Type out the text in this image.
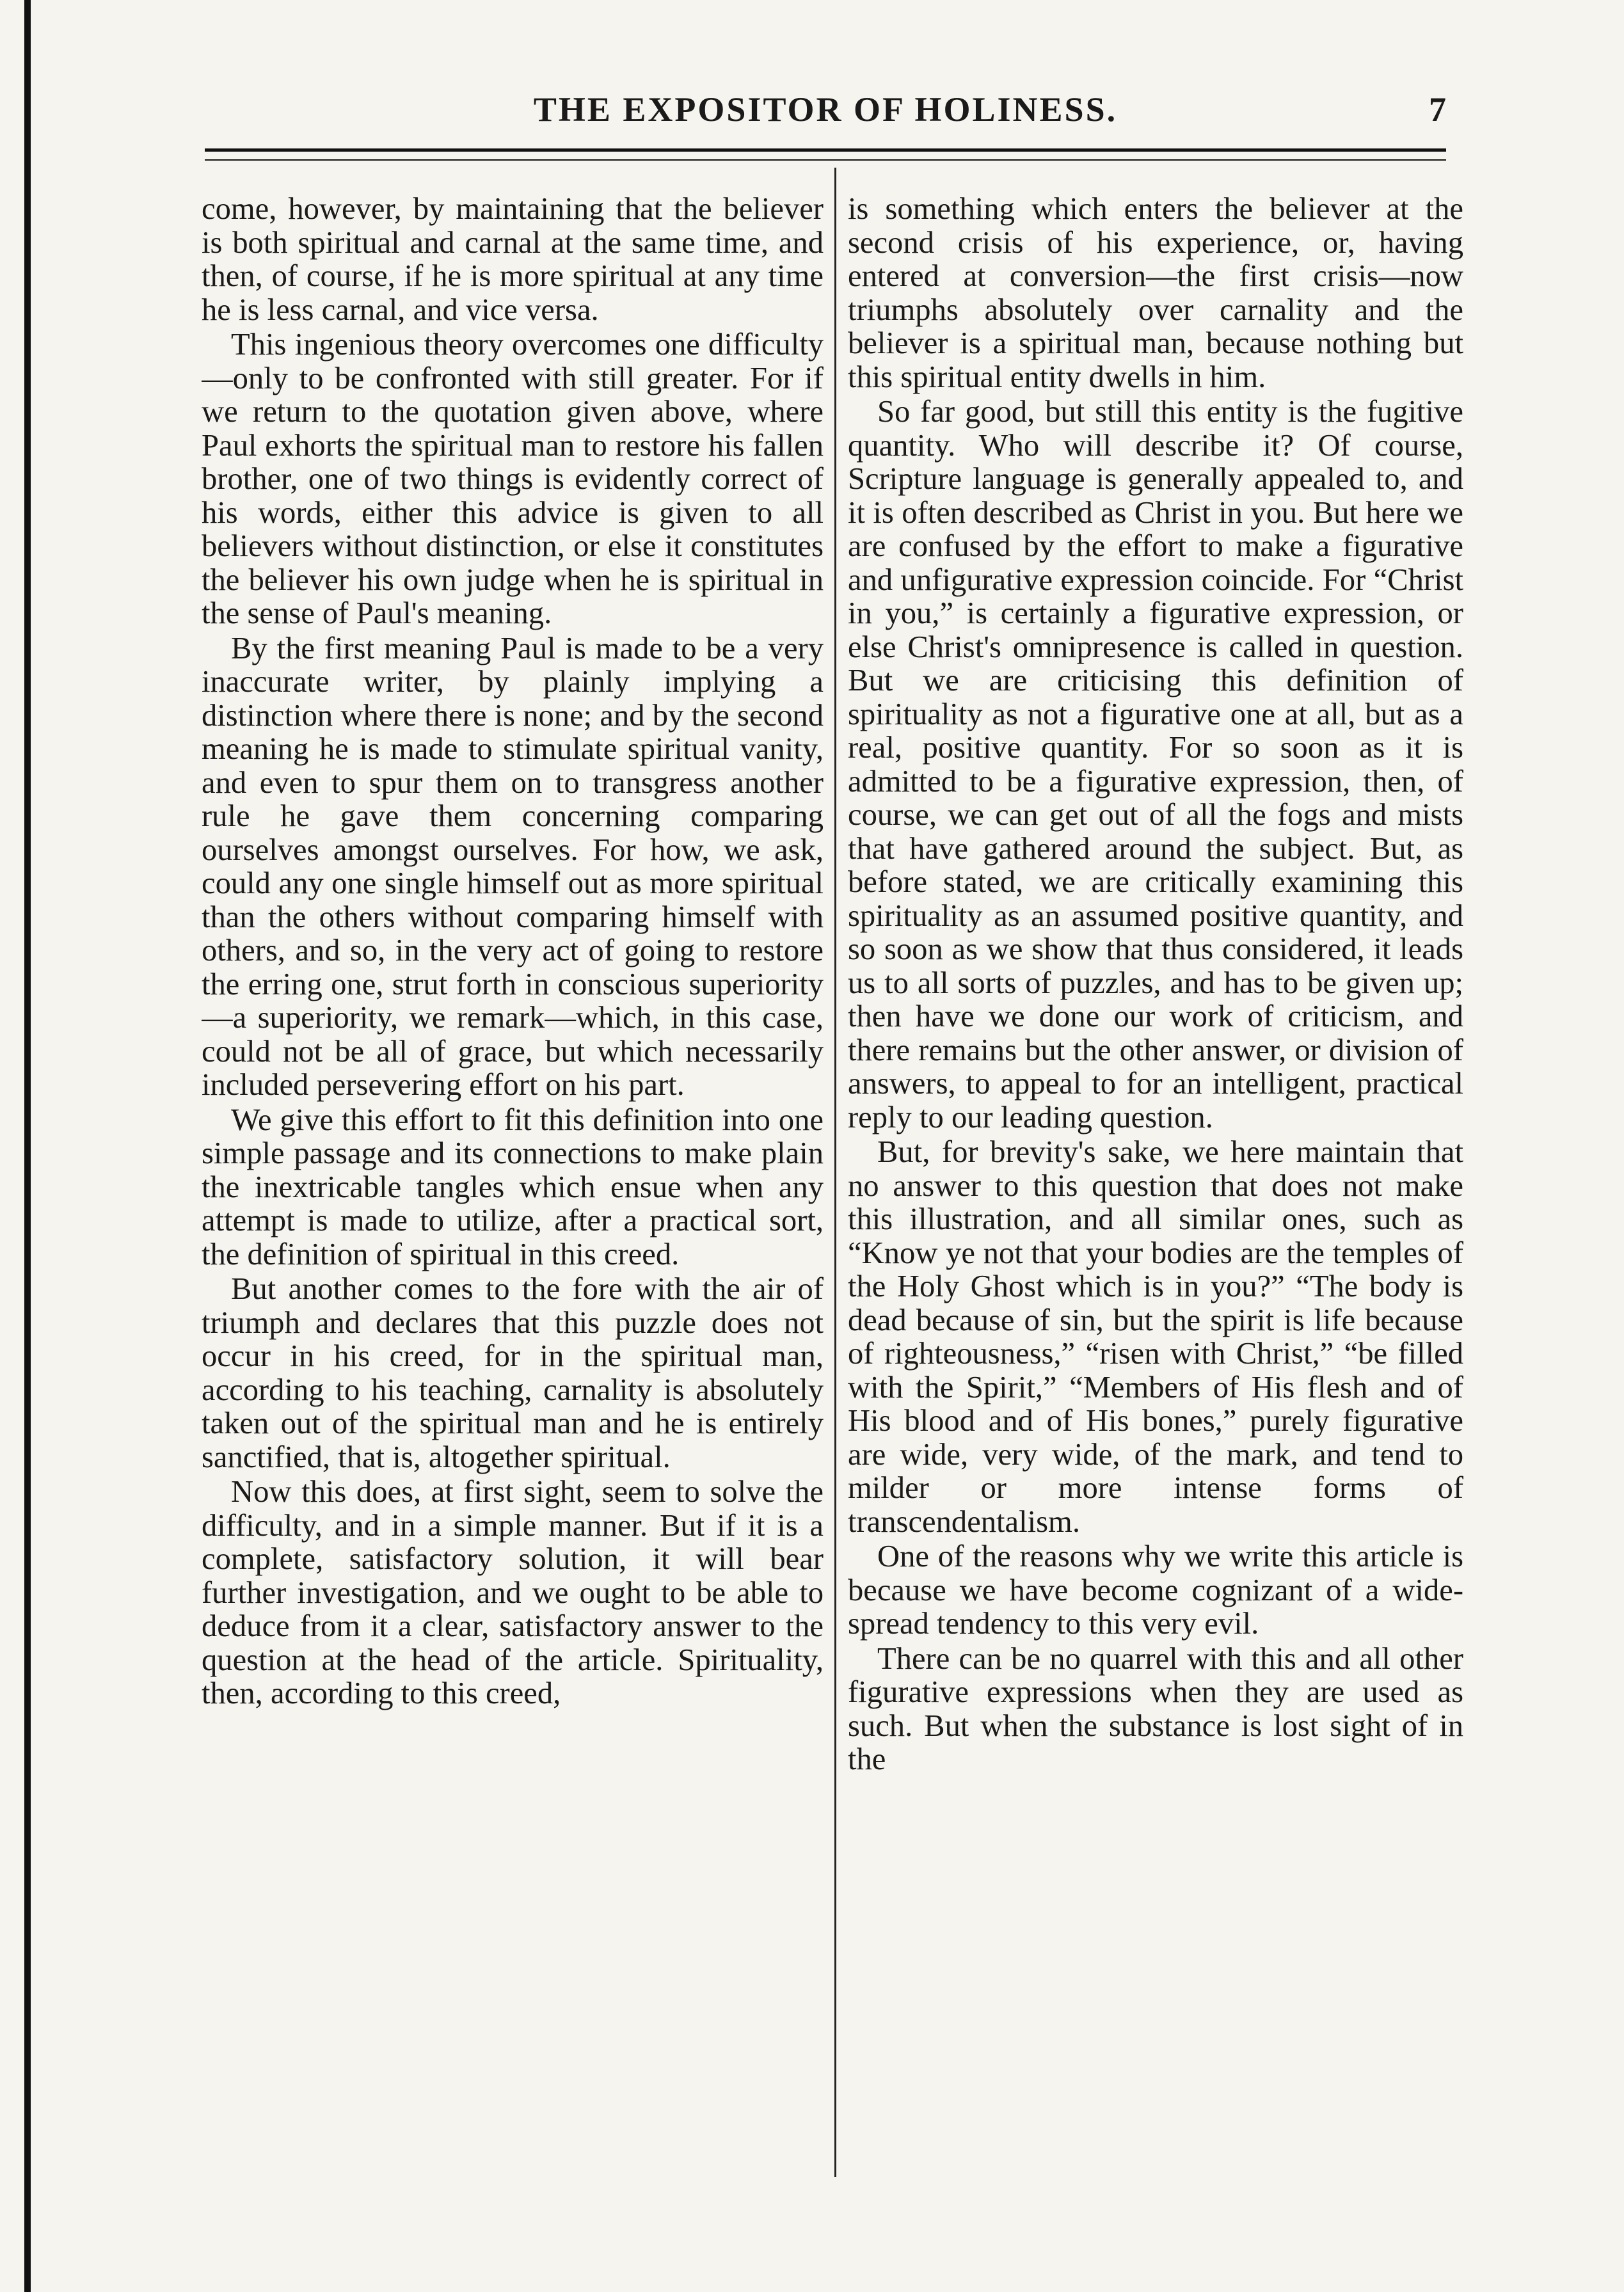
THE EXPOSITOR OF HOLINESS.	7

come, however, by maintaining that the believer is both spiritual and carnal at the same time, and then, of course, if he is more spiritual at any time he is less carnal, and vice versa.

This ingenious theory overcomes one difficulty—only to be confronted with still greater. For if we return to the quotation given above, where Paul exhorts the spiritual man to restore his fallen brother, one of two things is evidently correct of his words, either this advice is given to all believers without distinction, or else it constitutes the believer his own judge when he is spiritual in the sense of Paul's meaning.

By the first meaning Paul is made to be a very inaccurate writer, by plainly implying a distinction where there is none; and by the second meaning he is made to stimulate spiritual vanity, and even to spur them on to transgress another rule he gave them concerning comparing ourselves amongst ourselves. For how, we ask, could any one single himself out as more spiritual than the others without comparing himself with others, and so, in the very act of going to restore the erring one, strut forth in conscious superiority—a superiority, we remark—which, in this case, could not be all of grace, but which necessarily included persevering effort on his part.

We give this effort to fit this definition into one simple passage and its connections to make plain the inextricable tangles which ensue when any attempt is made to utilize, after a practical sort, the definition of spiritual in this creed.

But another comes to the fore with the air of triumph and declares that this puzzle does not occur in his creed, for in the spiritual man, according to his teaching, carnality is absolutely taken out of the spiritual man and he is entirely sanctified, that is, altogether spiritual.

Now this does, at first sight, seem to solve the difficulty, and in a simple manner. But if it is a complete, satisfactory solution, it will bear further investigation, and we ought to be able to deduce from it a clear, satisfactory answer to the question at the head of the article. Spirituality, then, according to this creed,

is something which enters the believer at the second crisis of his experience, or, having entered at conversion—the first crisis—now triumphs absolutely over carnality and the believer is a spiritual man, because nothing but this spiritual entity dwells in him.

So far good, but still this entity is the fugitive quantity. Who will describe it? Of course, Scripture language is generally appealed to, and it is often described as Christ in you. But here we are confused by the effort to make a figurative and unfigurative expression coincide. For “Christ in you,” is certainly a figurative expression, or else Christ's omnipresence is called in question. But we are criticising this definition of spirituality as not a figurative one at all, but as a real, positive quantity. For so soon as it is admitted to be a figurative expression, then, of course, we can get out of all the fogs and mists that have gathered around the subject. But, as before stated, we are critically examining this spirituality as an assumed positive quantity, and so soon as we show that thus considered, it leads us to all sorts of puzzles, and has to be given up; then have we done our work of criticism, and there remains but the other answer, or division of answers, to appeal to for an intelligent, practical reply to our leading question.

But, for brevity's sake, we here maintain that no answer to this question that does not make this illustration, and all similar ones, such as “Know ye not that your bodies are the temples of the Holy Ghost which is in you?” “The body is dead because of sin, but the spirit is life because of righteousness,” “risen with Christ,” “be filled with the Spirit,” “Members of His flesh and of His blood and of His bones,” purely figurative are wide, very wide, of the mark, and tend to milder or more intense forms of transcendentalism.

One of the reasons why we write this article is because we have become cognizant of a wide-spread tendency to this very evil.

There can be no quarrel with this and all other figurative expressions when they are used as such. But when the substance is lost sight of in the
